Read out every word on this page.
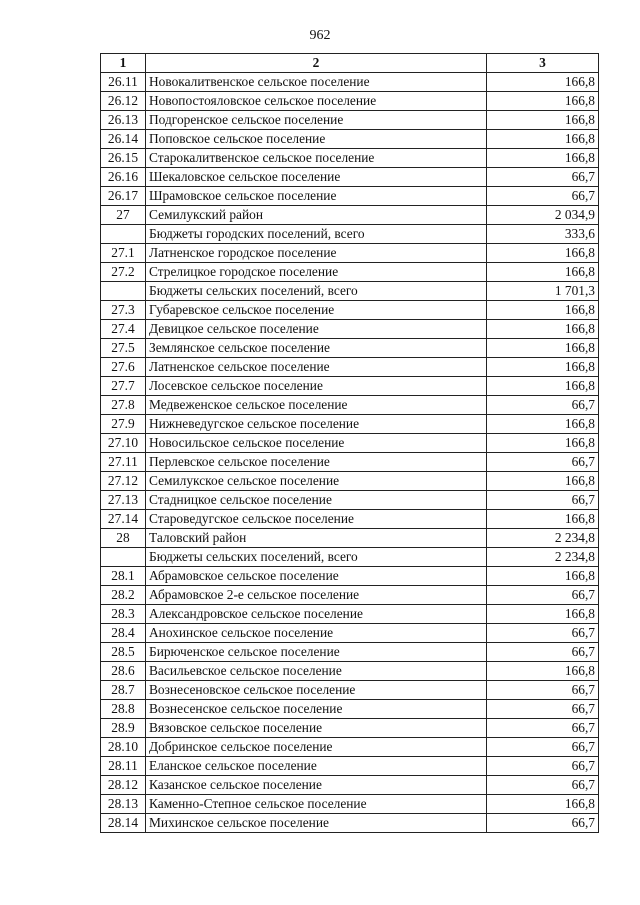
962
1	2	3
26.11	Новокалитвенское сельское поселение	166,8
26.12	Новопостояловское сельское поселение	166,8
26.13	Подгоренское сельское поселение	166,8
26.14	Поповское сельское поселение	166,8
26.15	Старокалитвенское сельское поселение	166,8
26.16	Шекаловское сельское поселение	66,7
26.17	Шрамовское сельское поселение	66,7
27	Семилукский район	2 034,9
	Бюджеты городских поселений, всего	333,6
27.1	Латненское городское поселение	166,8
27.2	Стрелицкое городское поселение	166,8
	Бюджеты сельских поселений, всего	1 701,3
27.3	Губаревское сельское поселение	166,8
27.4	Девицкое сельское поселение	166,8
27.5	Землянское сельское поселение	166,8
27.6	Латненское сельское поселение	166,8
27.7	Лосевское сельское поселение	166,8
27.8	Медвеженское сельское поселение	66,7
27.9	Нижневедугское сельское поселение	166,8
27.10	Новосильское сельское поселение	166,8
27.11	Перлевское сельское поселение	66,7
27.12	Семилукское сельское поселение	166,8
27.13	Стадницкое сельское поселение	66,7
27.14	Староведугское сельское поселение	166,8
28	Таловский район	2 234,8
	Бюджеты сельских поселений, всего	2 234,8
28.1	Абрамовское сельское поселение	166,8
28.2	Абрамовское 2-е сельское поселение	66,7
28.3	Александровское сельское поселение	166,8
28.4	Анохинское сельское поселение	66,7
28.5	Бирюченское сельское поселение	66,7
28.6	Васильевское сельское поселение	166,8
28.7	Вознесеновское сельское поселение	66,7
28.8	Вознесенское сельское поселение	66,7
28.9	Вязовское сельское поселение	66,7
28.10	Добринское сельское поселение	66,7
28.11	Еланское сельское поселение	66,7
28.12	Казанское сельское поселение	66,7
28.13	Каменно-Степное сельское поселение	166,8
28.14	Михинское сельское поселение	66,7
